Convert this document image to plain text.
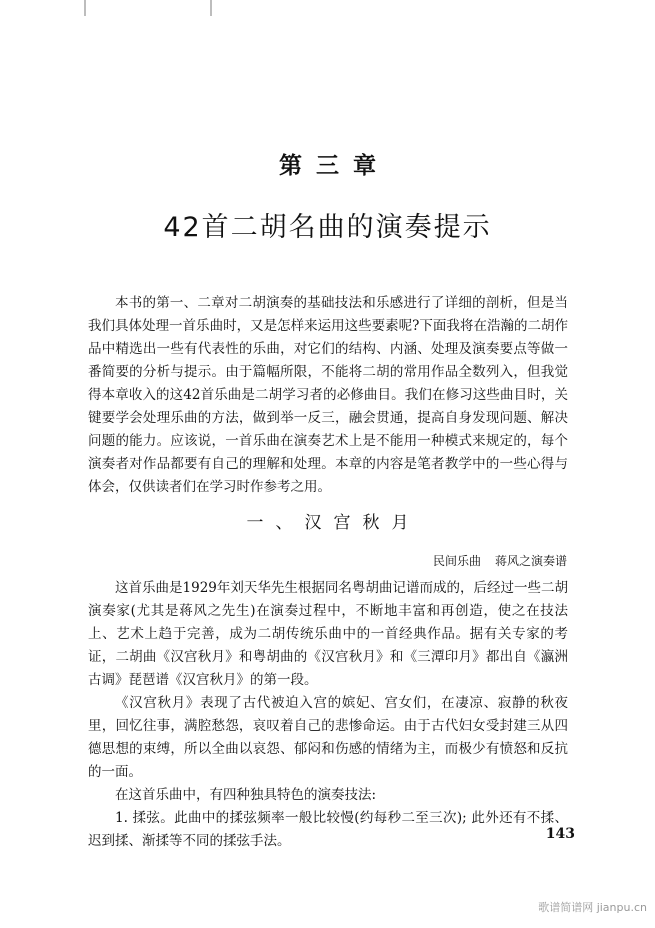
第三章
42首二胡名曲的演奏提示

本书的第一、二章对二胡演奏的基础技法和乐感进行了详细的剖析，但是当我们具体处理一首乐曲时，又是怎样来运用这些要素呢?下面我将在浩瀚的二胡作品中精选出一些有代表性的乐曲，对它们的结构、内涵、处理及演奏要点等做一番简要的分析与提示。由于篇幅所限，不能将二胡的常用作品全数列入，但我觉得本章收入的这42首乐曲是二胡学习者的必修曲目。我们在修习这些曲目时，关键要学会处理乐曲的方法，做到举一反三，融会贯通，提高自身发现问题、解决问题的能力。应该说，一首乐曲在演奏艺术上是不能用一种模式来规定的，每个演奏者对作品都要有自己的理解和处理。本章的内容是笔者教学中的一些心得与体会，仅供读者们在学习时作参考之用。

一、汉宫秋月
民间乐曲 蒋风之演奏谱

这首乐曲是1929年刘天华先生根据同名粤胡曲记谱而成的，后经过一些二胡演奏家(尤其是蒋风之先生)在演奏过程中，不断地丰富和再创造，使之在技法上、艺术上趋于完善，成为二胡传统乐曲中的一首经典作品。据有关专家的考证，二胡曲《汉宫秋月》和粤胡曲的《汉宫秋月》和《三潭印月》都出自《瀛洲古调》琵琶谱《汉宫秋月》的第一段。

《汉宫秋月》表现了古代被迫入宫的嫔妃、宫女们，在凄凉、寂静的秋夜里，回忆往事，满腔愁怨，哀叹着自己的悲惨命运。由于古代妇女受封建三从四德思想的束缚，所以全曲以哀怨、郁闷和伤感的情绪为主，而极少有愤怒和反抗的一面。

在这首乐曲中，有四种独具特色的演奏技法:

1. 揉弦。此曲中的揉弦频率一般比较慢(约每秒二至三次); 此外还有不揉、迟到揉、渐揉等不同的揉弦手法。	143
歌谱简谱网 jianpu.cn
